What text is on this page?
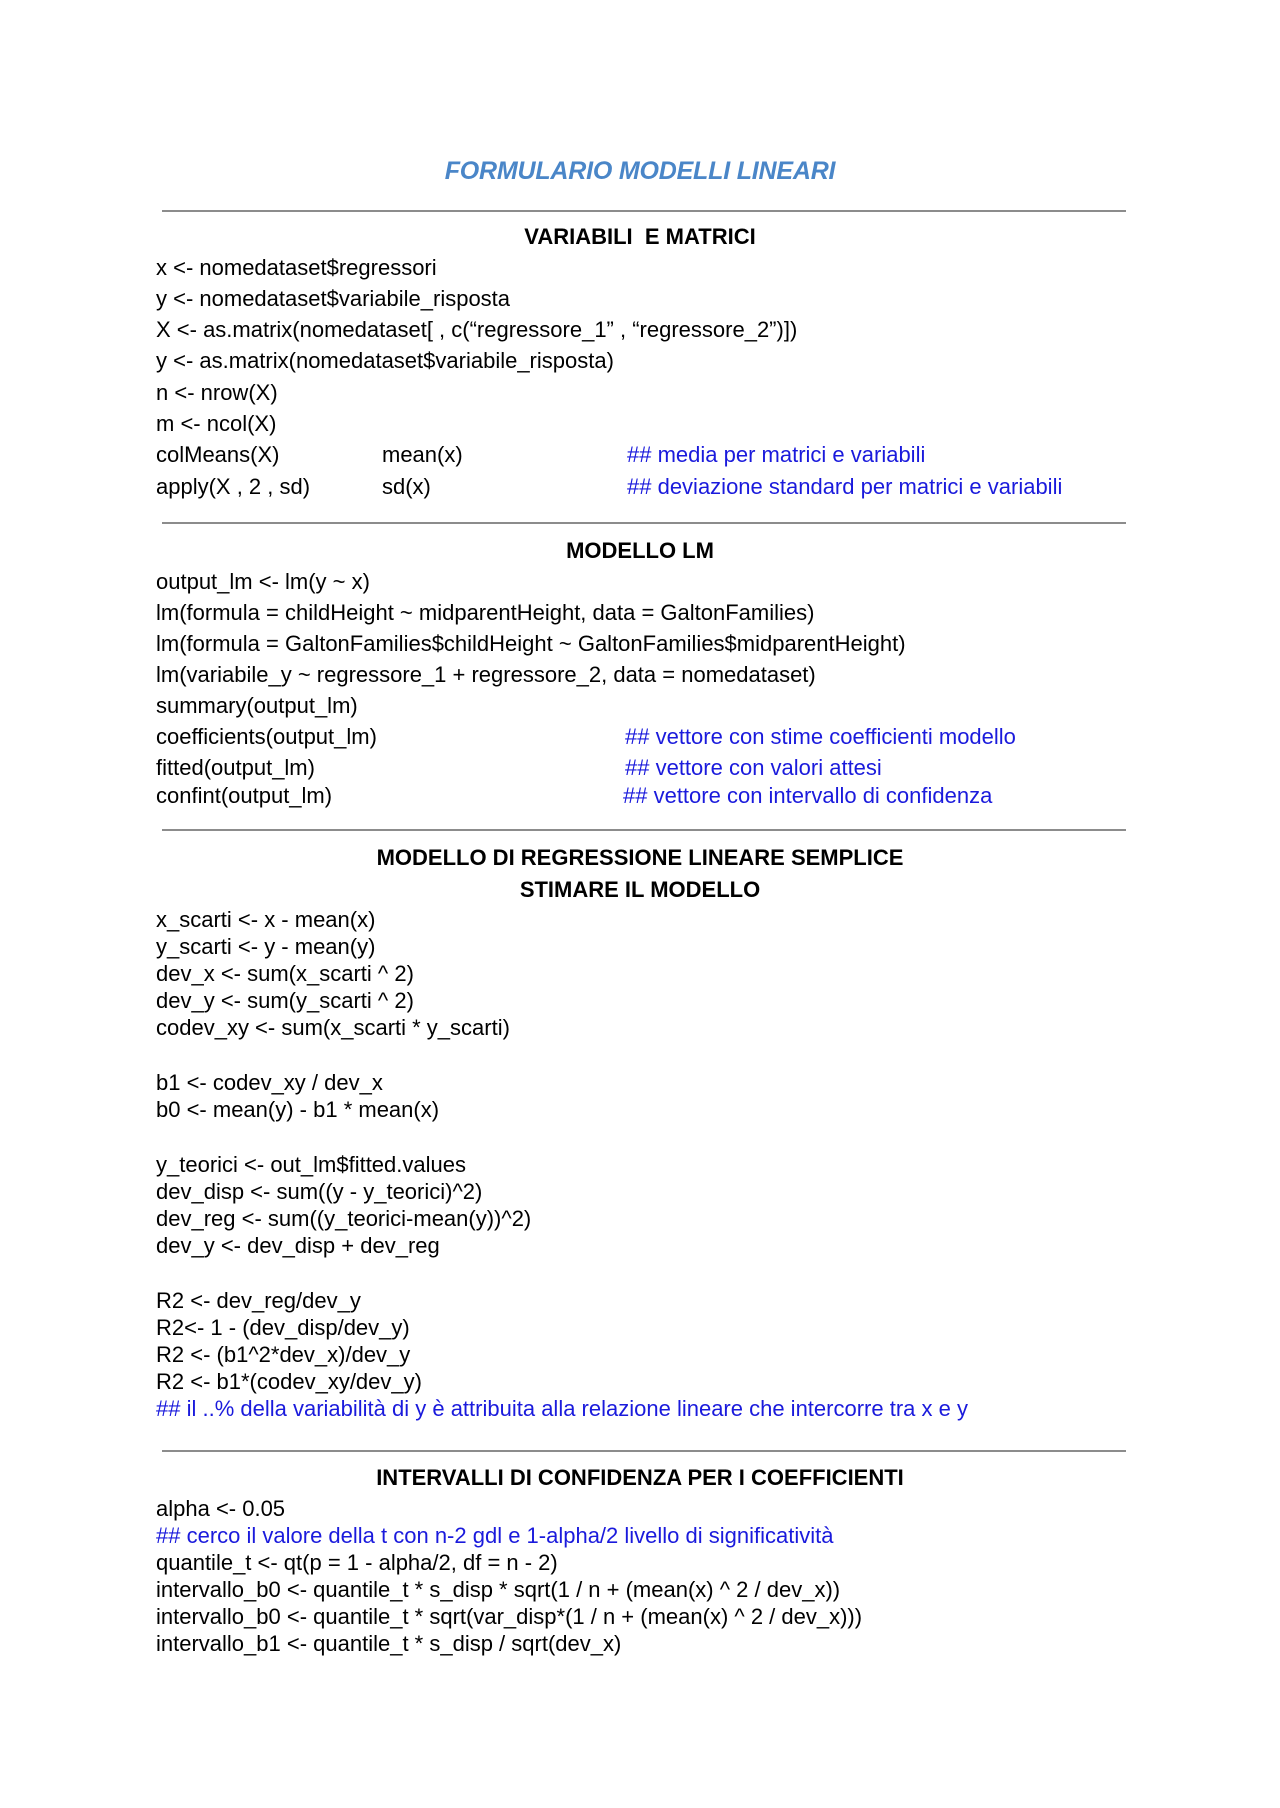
FORMULARIO MODELLI LINEARI
VARIABILI  E MATRICI
x <- nomedataset$regressori
y <- nomedataset$variabile_risposta
X <- as.matrix(nomedataset[ , c(“regressore_1” , “regressore_2”)])
y <- as.matrix(nomedataset$variabile_risposta)
n <- nrow(X)
m <- ncol(X)
colMeans(X)	mean(x)	## media per matrici e variabili
apply(X , 2 , sd)	sd(x)	## deviazione standard per matrici e variabili
MODELLO LM
output_lm <- lm(y ~ x)
lm(formula = childHeight ~ midparentHeight, data = GaltonFamilies)
lm(formula = GaltonFamilies$childHeight ~ GaltonFamilies$midparentHeight)
lm(variabile_y ~ regressore_1 + regressore_2, data = nomedataset)
summary(output_lm)
coefficients(output_lm)	## vettore con stime coefficienti modello
fitted(output_lm)	## vettore con valori attesi
confint(output_lm)	## vettore con intervallo di confidenza
MODELLO DI REGRESSIONE LINEARE SEMPLICE
STIMARE IL MODELLO
x_scarti <- x - mean(x)
y_scarti <- y - mean(y)
dev_x <- sum(x_scarti ^ 2)
dev_y <- sum(y_scarti ^ 2)
codev_xy <- sum(x_scarti * y_scarti)
b1 <- codev_xy / dev_x
b0 <- mean(y) - b1 * mean(x)
y_teorici <- out_lm$fitted.values
dev_disp <- sum((y - y_teorici)^2)
dev_reg <- sum((y_teorici-mean(y))^2)
dev_y <- dev_disp + dev_reg
R2 <- dev_reg/dev_y
R2<- 1 - (dev_disp/dev_y)
R2 <- (b1^2*dev_x)/dev_y
R2 <- b1*(codev_xy/dev_y)
## il ..% della variabilità di y è attribuita alla relazione lineare che intercorre tra x e y
INTERVALLI DI CONFIDENZA PER I COEFFICIENTI
alpha <- 0.05
## cerco il valore della t con n-2 gdl e 1-alpha/2 livello di significatività
quantile_t <- qt(p = 1 - alpha/2, df = n - 2)
intervallo_b0 <- quantile_t * s_disp * sqrt(1 / n + (mean(x) ^ 2 / dev_x))
intervallo_b0 <- quantile_t * sqrt(var_disp*(1 / n + (mean(x) ^ 2 / dev_x)))
intervallo_b1 <- quantile_t * s_disp / sqrt(dev_x)
